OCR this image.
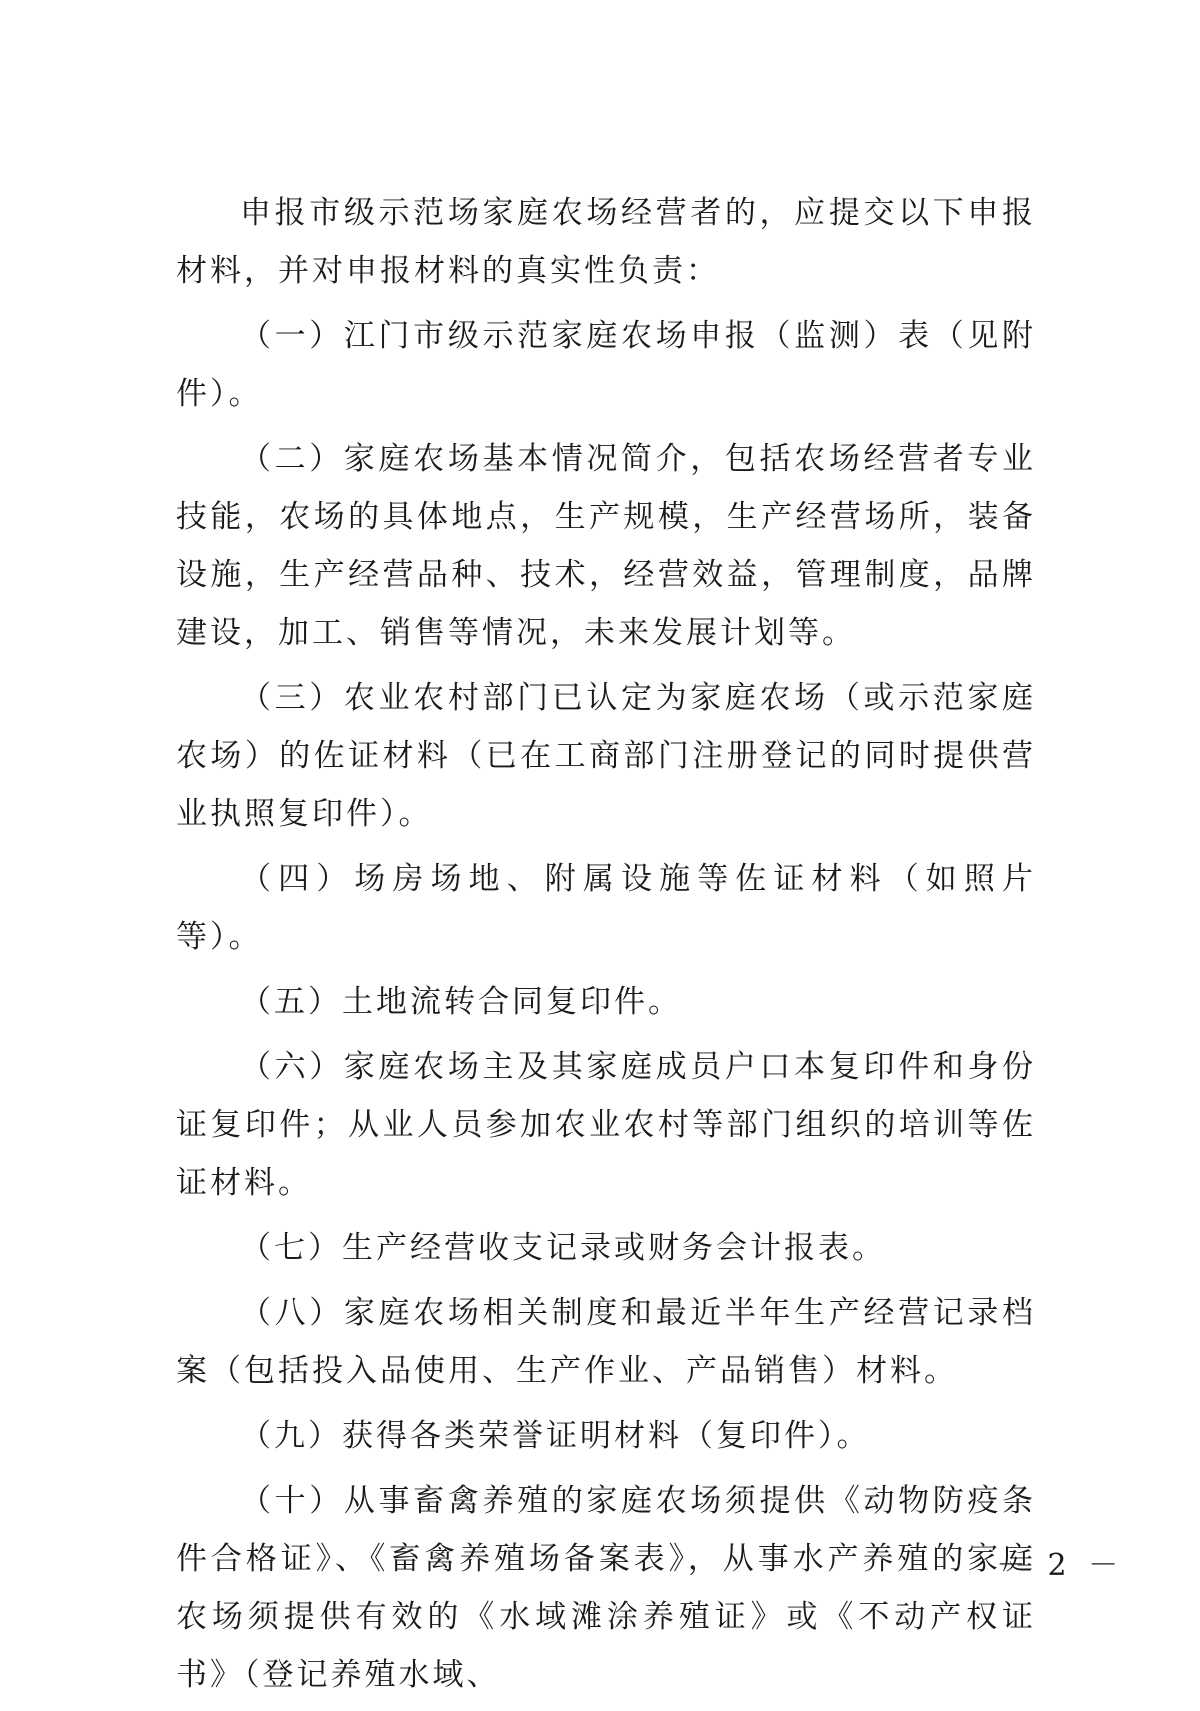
申报市级示范场家庭农场经营者的，应提交以下申报材料，并对申报材料的真实性负责：

（一）江门市级示范家庭农场申报（监测）表（见附件）。

（二）家庭农场基本情况简介，包括农场经营者专业技能，农场的具体地点，生产规模，生产经营场所，装备设施，生产经营品种、技术，经营效益，管理制度，品牌建设，加工、销售等情况，未来发展计划等。

（三）农业农村部门已认定为家庭农场（或示范家庭农场）的佐证材料（已在工商部门注册登记的同时提供营业执照复印件）。

（四）场房场地、附属设施等佐证材料（如照片等）。

（五）土地流转合同复印件。

（六）家庭农场主及其家庭成员户口本复印件和身份证复印件；从业人员参加农业农村等部门组织的培训等佐证材料。

（七）生产经营收支记录或财务会计报表。

（八）家庭农场相关制度和最近半年生产经营记录档案（包括投入品使用、生产作业、产品销售）材料。

（九）获得各类荣誉证明材料（复印件）。

（十）从事畜禽养殖的家庭农场须提供《动物防疫条件合格证》、《畜禽养殖场备案表》，从事水产养殖的家庭农场须提供有效的《水域滩涂养殖证》或《不动产权证书》（登记养殖水域、

－ 2 －
